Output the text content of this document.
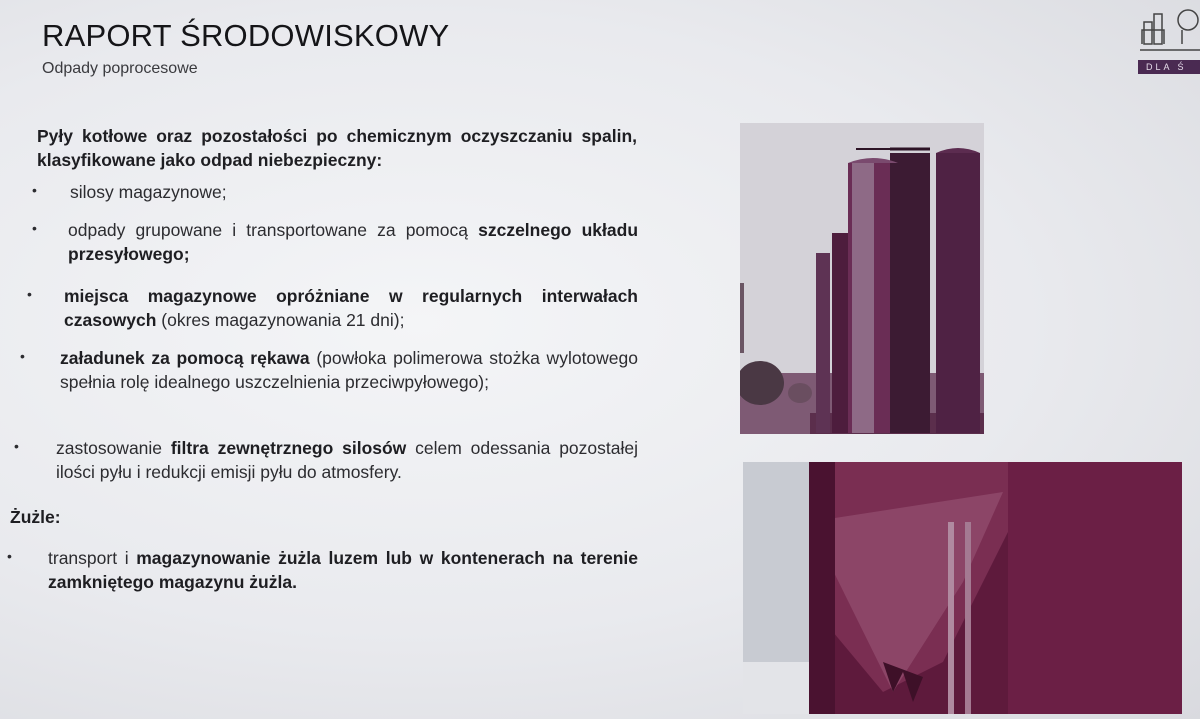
RAPORT ŚRODOWISKOWY
Odpady poprocesowe	DLA Ś
Pyły kotłowe oraz pozostałości po chemicznym oczyszczaniu spalin, klasyfikowane jako odpad niebezpieczny:
• silosy magazynowe;
• odpady grupowane i transportowane za pomocą szczelnego układu przesyłowego;
• miejsca magazynowe opróżniane w regularnych interwałach czasowych (okres magazynowania 21 dni);
• załadunek za pomocą rękawa (powłoka polimerowa stożka wylotowego spełnia rolę idealnego uszczelnienia przeciwpyłowego);
• zastosowanie filtra zewnętrznego silosów celem odessania pozostałej ilości pyłu i redukcji emisji pyłu do atmosfery.
Żużle:
• transport i magazynowanie żużla luzem lub w kontenerach na terenie zamkniętego magazynu żużla.
